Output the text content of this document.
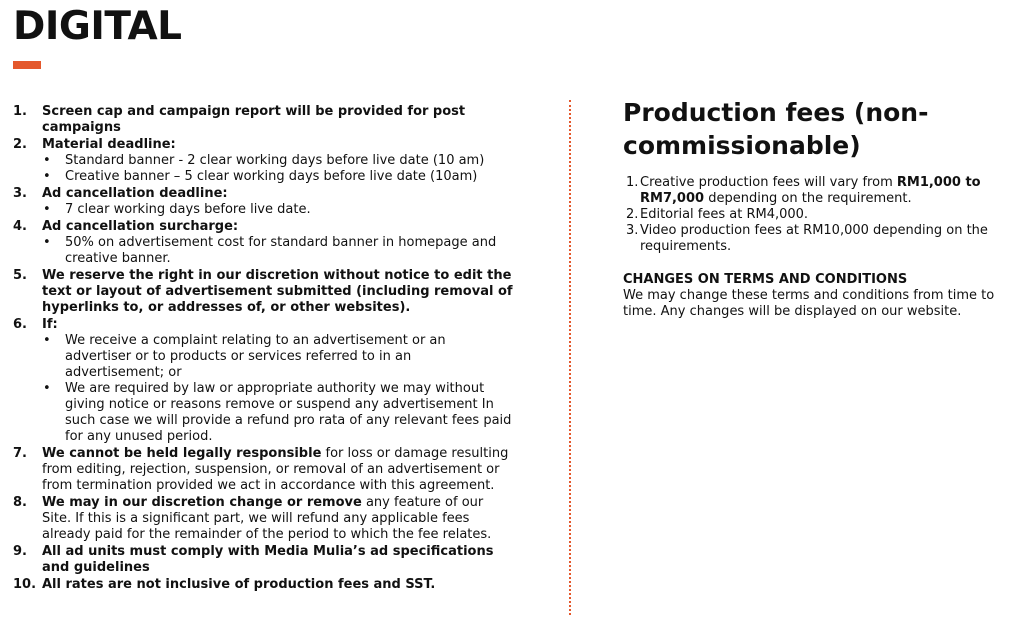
DIGITAL
1. Screen cap and campaign report will be provided for post campaigns
2. Material deadline:
• Standard banner - 2 clear working days before live date (10 am)
• Creative banner – 5 clear working days before live date (10am)
3. Ad cancellation deadline:
• 7 clear working days before live date.
4. Ad cancellation surcharge:
• 50% on advertisement cost for standard banner in homepage and creative banner.
5. We reserve the right in our discretion without notice to edit the text or layout of advertisement submitted (including removal of hyperlinks to, or addresses of, or other websites).
6. If:
• We receive a complaint relating to an advertisement or an advertiser or to products or services referred to in an advertisement; or
• We are required by law or appropriate authority we may without giving notice or reasons remove or suspend any advertisement In such case we will provide a refund pro rata of any relevant fees paid for any unused period.
7. We cannot be held legally responsible for loss or damage resulting from editing, rejection, suspension, or removal of an advertisement or from termination provided we act in accordance with this agreement.
8. We may in our discretion change or remove any feature of our Site. If this is a significant part, we will refund any applicable fees already paid for the remainder of the period to which the fee relates.
9. All ad units must comply with Media Mulia’s ad specifications and guidelines
10. All rates are not inclusive of production fees and SST.
Production fees (non-commissionable)
1. Creative production fees will vary from RM1,000 to RM7,000 depending on the requirement.
2. Editorial fees at RM4,000.
3. Video production fees at RM10,000 depending on the requirements.
CHANGES ON TERMS AND CONDITIONS
We may change these terms and conditions from time to time. Any changes will be displayed on our website.
